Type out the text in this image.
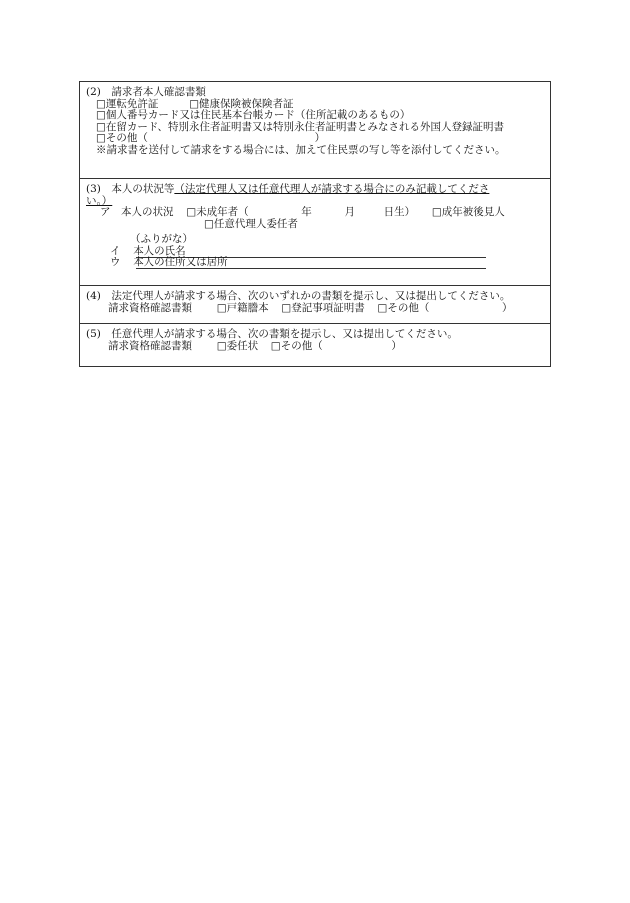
(2)　請求者本人確認書類
□運転免許証	□健康保険被保険者証
□個人番号カード又は住民基本台帳カード（住所記載のあるもの）
□在留カード、特別永住者証明書又は特別永住者証明書とみなされる外国人登録証明書
□その他（	）
※請求書を送付して請求をする場合には、加えて住民票の写し等を添付してください。
(3)　本人の状況等（法定代理人又は任意代理人が請求する場合にのみ記載してくださ
い。）
ア　本人の状況 □未成年者（	年	月	日生） □成年被後見人
□任意代理人委任者
（ふりがな）
イ 本人の氏名
ウ 本人の住所又は居所
(4)　法定代理人が請求する場合、次のいずれかの書類を提示し、又は提出してください。
請求資格確認書類 □戸籍謄本 □登記事項証明書 □その他（	）
(5)　任意代理人が請求する場合、次の書類を提示し、又は提出してください。
請求資格確認書類 □委任状 □その他（	）
